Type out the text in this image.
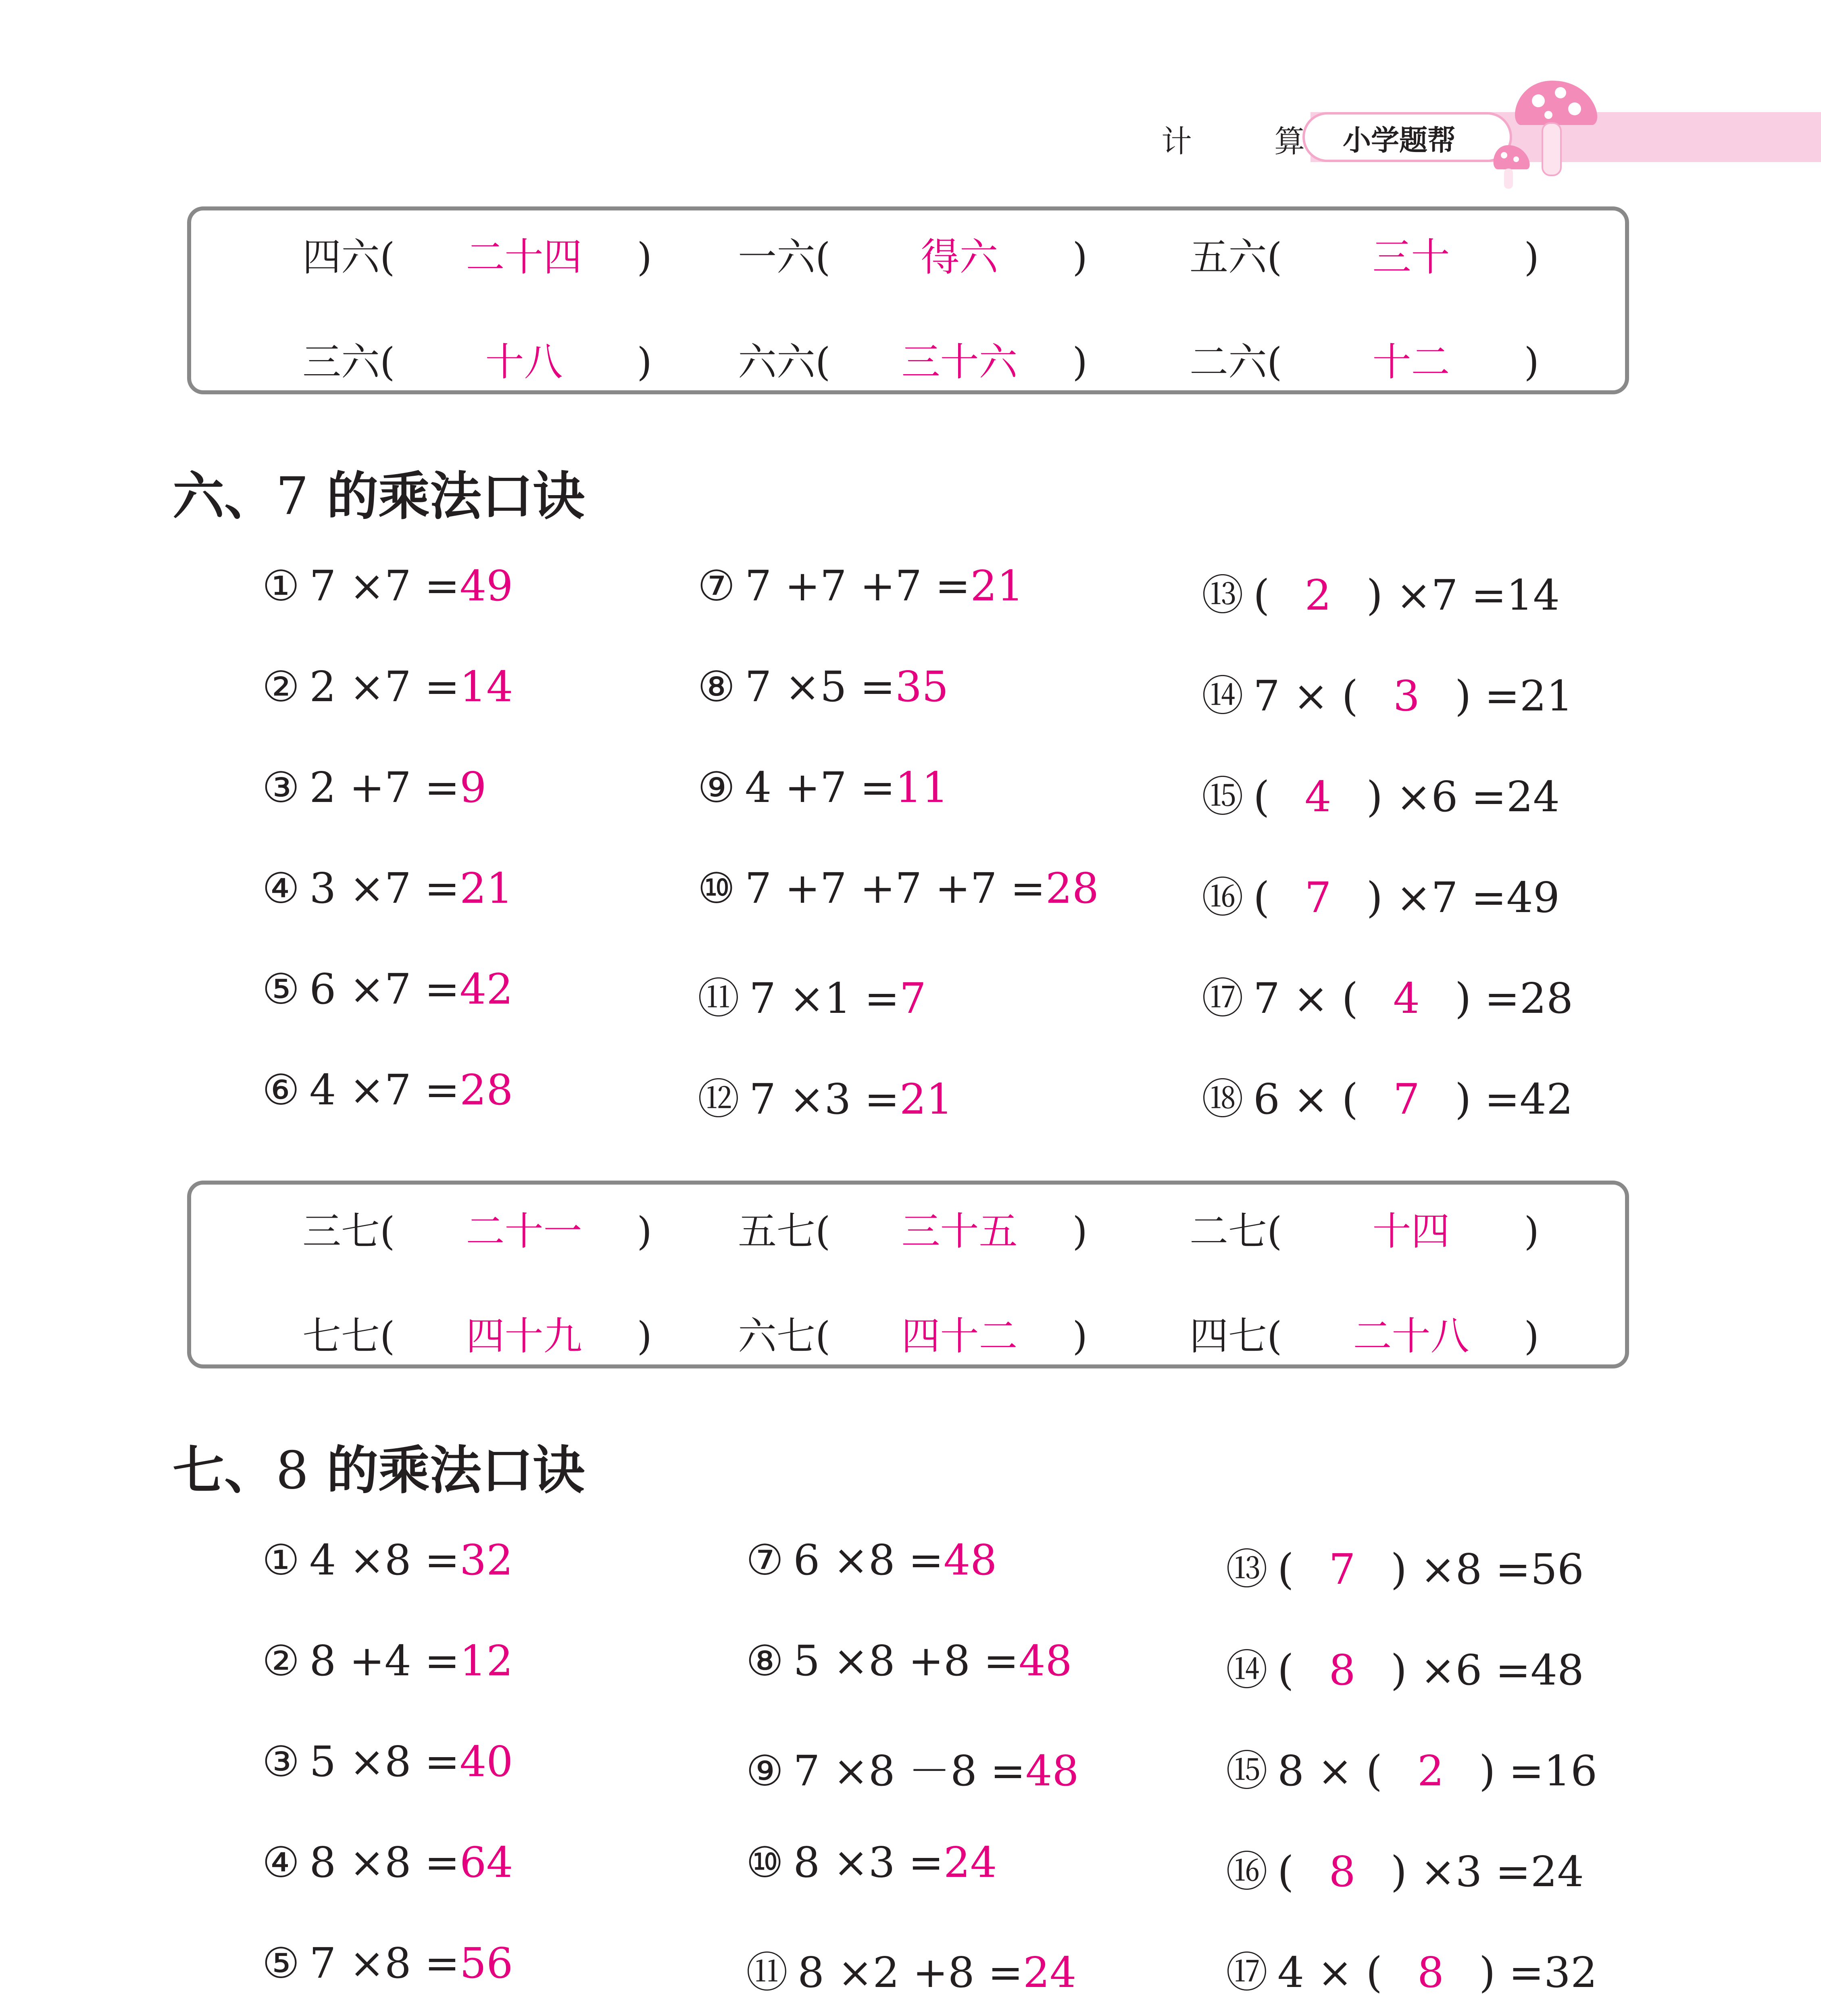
小学题帮
计 算
四六( 二十四 ) 一六( 得六 )	五六( 三十 )
三六( 十八 ) 六六( 三十六 )	二六( 十二 )
六、7 的乘法口诀
① 7 ×7 =49
② 2 ×7 =14
③ 2 +7 =9
④ 3 ×7 =21
⑤ 6 ×7 =42
⑥ 4 ×7 =28
⑦ 7 +7 +7 =21
⑧ 7 ×5 =35
⑨ 4 +7 =11
⑩ 7 +7 +7 +7 =28
⑪ 7 ×1 =7
⑫ 7 ×3 =21
⑬ ( 2 ) ×7 =14
⑭ 7 × ( 3 ) =21
⑮ ( 4 ) ×6 =24
⑯ ( 7 ) ×7 =49
⑰ 7 × ( 4 ) =28
⑱ 6 × ( 7 ) =42
三七( 二十一 ) 五七( 三十五 )	二七( 十四 )
七七( 四十九 ) 六七( 四十二 )	四七( 二十八 )
七、8 的乘法口诀
① 4 ×8 =32
② 8 +4 =12
③ 5 ×8 =40
④ 8 ×8 =64
⑤ 7 ×8 =56
⑦ 6 ×8 =48
⑧ 5 ×8 +8 =48
⑨ 7 ×8 －8 =48
⑩ 8 ×3 =24
⑪ 8 ×2 +8 =24
⑬ ( 7 ) ×8 =56
⑭ ( 8 ) ×6 =48
⑮ 8 × ( 2 ) =16
⑯ ( 8 ) ×3 =24
⑰ 4 × ( 8 ) =32
